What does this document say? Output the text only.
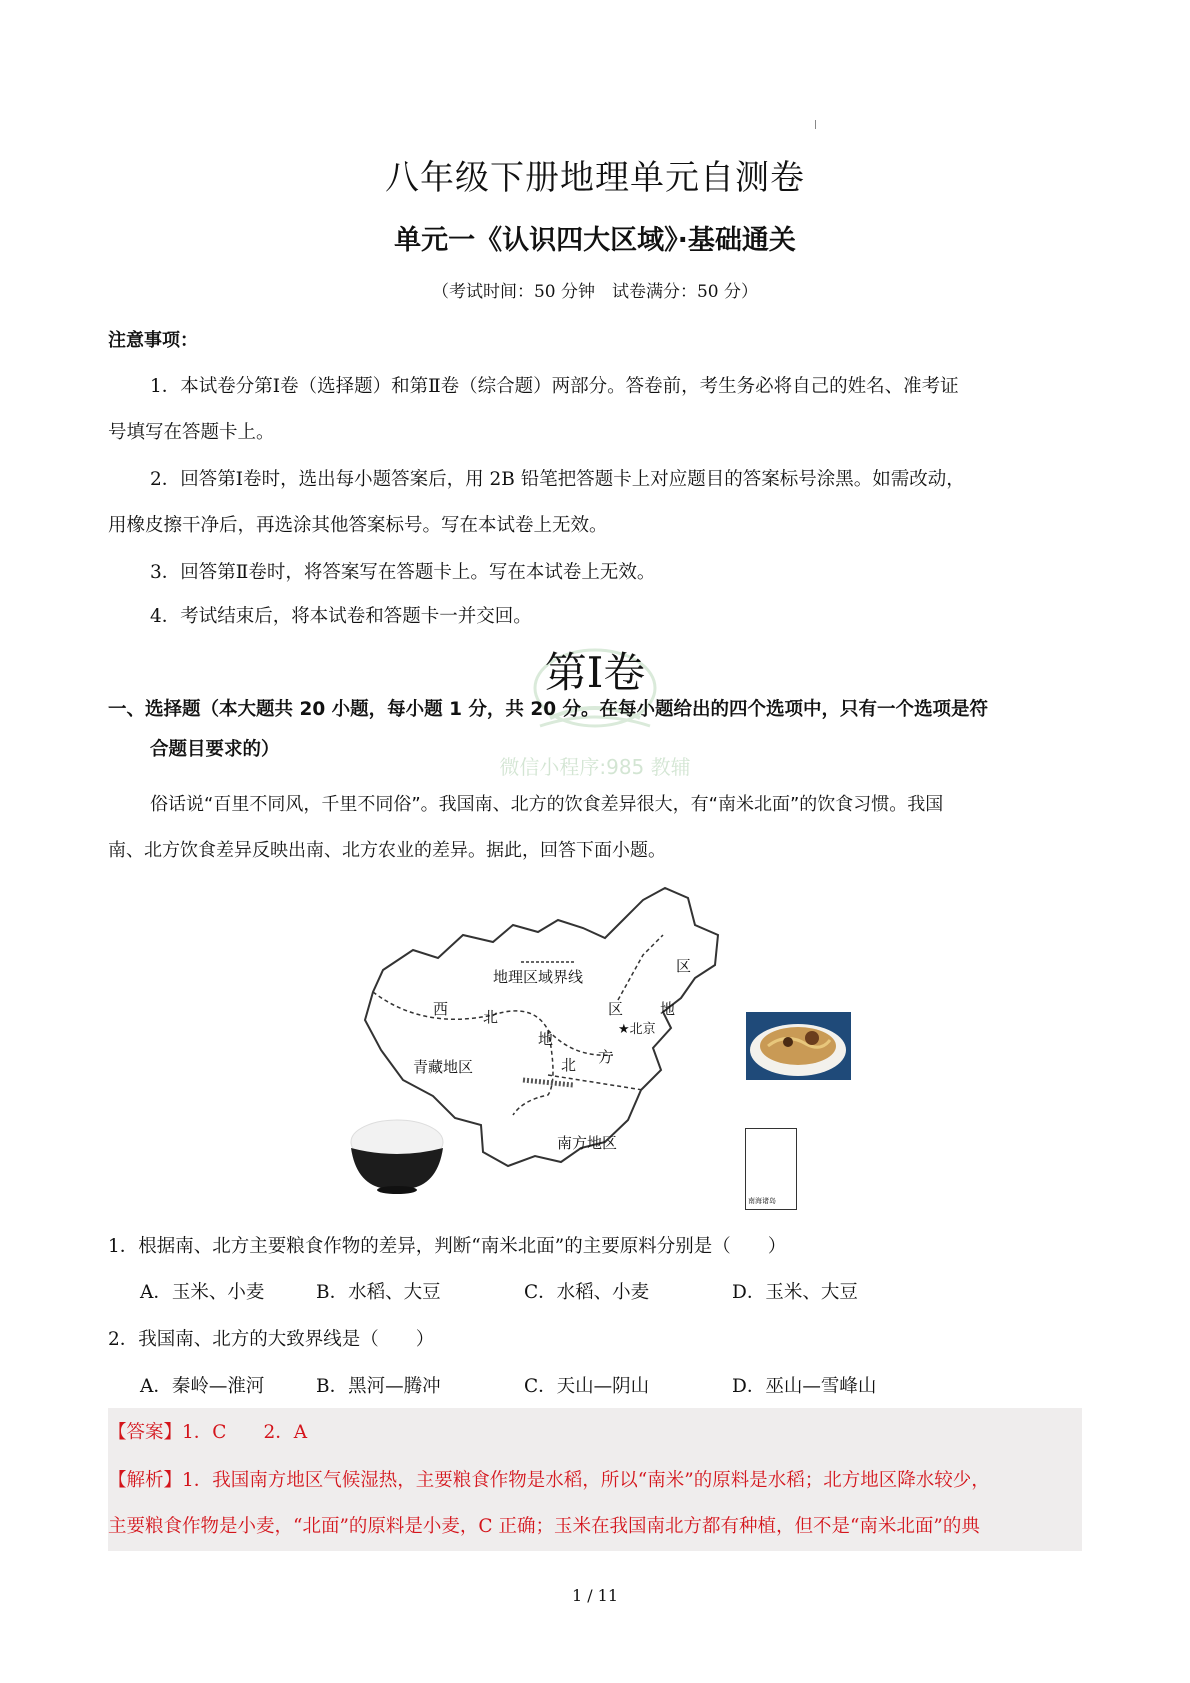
八年级下册地理单元自测卷
单元一《认识四大区域》·基础通关
（考试时间：50 分钟　试卷满分：50 分）
注意事项：
1．本试卷分第Ⅰ卷（选择题）和第Ⅱ卷（综合题）两部分。答卷前，考生务必将自己的姓名、准考证
号填写在答题卡上。
2．回答第Ⅰ卷时，选出每小题答案后，用 2B 铅笔把答题卡上对应题目的答案标号涂黑。如需改动，
用橡皮擦干净后，再选涂其他答案标号。写在本试卷上无效。
3．回答第Ⅱ卷时，将答案写在答题卡上。写在本试卷上无效。
4．考试结束后，将本试卷和答题卡一并交回。
微信小程序:985 教辅
第Ⅰ卷
一、选择题（本大题共 20 小题，每小题 1 分，共 20 分。在每小题给出的四个选项中，只有一个选项是符
合题目要求的）
俗话说“百里不同风，千里不同俗”。我国南、北方的饮食差异很大，有“南米北面”的饮食习惯。我国
南、北方饮食差异反映出南、北方农业的差异。据此，回答下面小题。
地理区域界线
西 北
地
区
青藏地区
区
地
★北京
北 方
南方地区
南海诸岛
1．根据南、北方主要粮食作物的差异，判断“南米北面”的主要原料分别是（　　）
A．玉米、小麦	B．水稻、大豆	C．水稻、小麦	D．玉米、大豆
2．我国南、北方的大致界线是（　　）
A．秦岭—淮河	B．黑河—腾冲	C．天山—阴山	D．巫山—雪峰山
【答案】1．C　　2．A
【解析】1．我国南方地区气候湿热，主要粮食作物是水稻，所以“南米”的原料是水稻；北方地区降水较少，
主要粮食作物是小麦，“北面”的原料是小麦，C 正确；玉米在我国南北方都有种植，但不是“南米北面”的典
1 / 11
